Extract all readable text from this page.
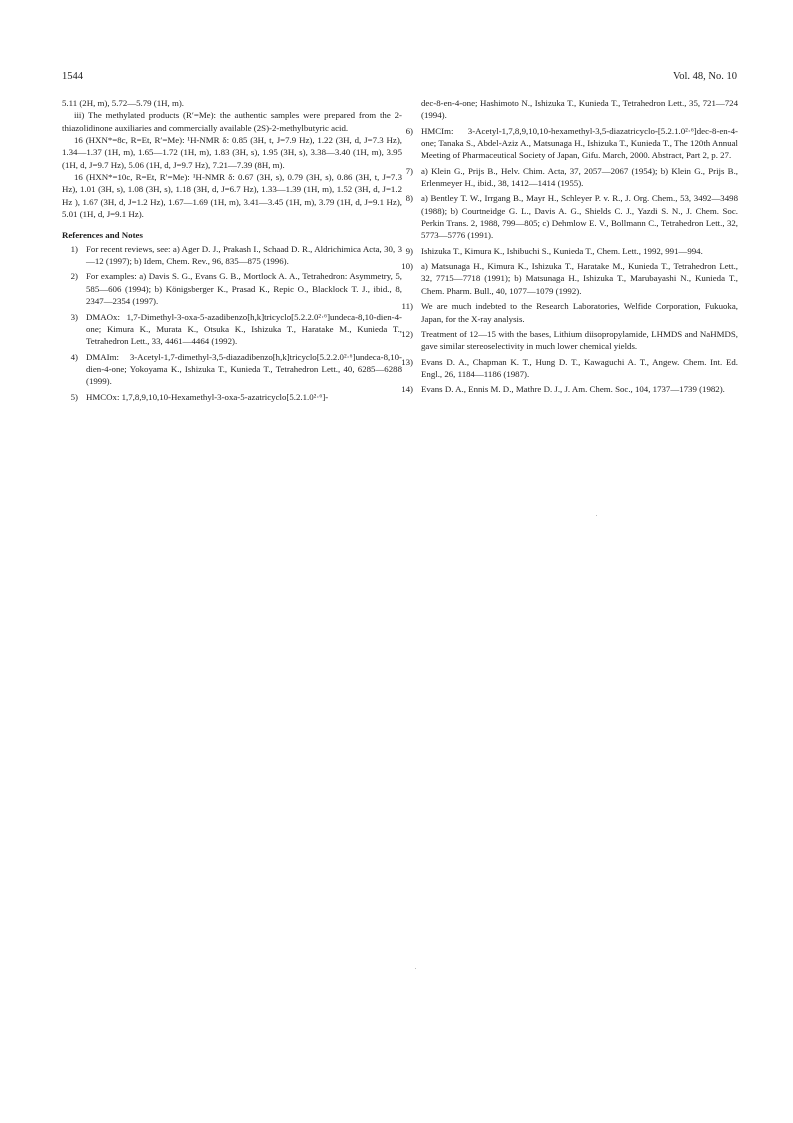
1544	Vol. 48, No. 10

5.11 (2H, m), 5.72—5.79 (1H, m).

iii) The methylated products (R′=Me): the authentic samples were prepared from the 2-thiazolidinone auxiliaries and commercially available (2S)-2-methylbutyric acid.

16 (HXN*=8c, R=Et, R′=Me): ¹H-NMR δ: 0.85 (3H, t, J=7.9 Hz), 1.22 (3H, d, J=7.3 Hz), 1.34—1.37 (1H, m), 1.65—1.72 (1H, m), 1.83 (3H, s), 1.95 (3H, s), 3.38—3.40 (1H, m), 3.95 (1H, d, J=9.7 Hz), 5.06 (1H, d, J=9.7 Hz), 7.21—7.39 (8H, m).

16 (HXN*=10c, R=Et, R′=Me): ¹H-NMR δ: 0.67 (3H, s), 0.79 (3H, s), 0.86 (3H, t, J=7.3 Hz), 1.01 (3H, s), 1.08 (3H, s), 1.18 (3H, d, J=6.7 Hz), 1.33—1.39 (1H, m), 1.52 (3H, d, J=1.2 Hz ), 1.67 (3H, d, J=1.2 Hz), 1.67—1.69 (1H, m), 3.41—3.45 (1H, m), 3.79 (1H, d, J=9.1 Hz), 5.01 (1H, d, J=9.1 Hz).

References and Notes

1) For recent reviews, see: a) Ager D. J., Prakash I., Schaad D. R., Aldrichimica Acta, 30, 3—12 (1997); b) Idem, Chem. Rev., 96, 835—875 (1996).
2) For examples: a) Davis S. G., Evans G. B., Mortlock A. A., Tetrahedron: Asymmetry, 5, 585—606 (1994); b) Königsberger K., Prasad K., Repic O., Blacklock T. J., ibid., 8, 2347—2354 (1997).
3) DMAOx: 1,7-Dimethyl-3-oxa-5-azadibenzo[h,k]tricyclo[5.2.2.0²·⁶]undeca-8,10-dien-4-one; Kimura K., Murata K., Otsuka K., Ishizuka T., Haratake M., Kunieda T., Tetrahedron Lett., 33, 4461—4464 (1992).
4) DMAIm: 3-Acetyl-1,7-dimethyl-3,5-diazadibenzo[h,k]tricyclo[5.2.2.0²·⁶]undeca-8,10-dien-4-one; Yokoyama K., Ishizuka T., Kunieda T., Tetrahedron Lett., 40, 6285—6288 (1999).
5) HMCOx: 1,7,8,9,10,10-Hexamethyl-3-oxa-5-azatricyclo[5.2.1.0²·⁶]-

dec-8-en-4-one; Hashimoto N., Ishizuka T., Kunieda T., Tetrahedron Lett., 35, 721—724 (1994).

6) HMCIm: 3-Acetyl-1,7,8,9,10,10-hexamethyl-3,5-diazatricyclo-[5.2.1.0²·⁶]dec-8-en-4-one; Tanaka S., Abdel-Aziz A., Matsunaga H., Ishizuka T., Kunieda T., The 120th Annual Meeting of Pharmaceutical Society of Japan, Gifu. March, 2000. Abstract, Part 2, p. 27.
7) a) Klein G., Prijs B., Helv. Chim. Acta, 37, 2057—2067 (1954); b) Klein G., Prijs B., Erlenmeyer H., ibid., 38, 1412—1414 (1955).
8) a) Bentley T. W., Irrgang B., Mayr H., Schleyer P. v. R., J. Org. Chem., 53, 3492—3498 (1988); b) Courtneidge G. L., Davis A. G., Shields C. J., Yazdi S. N., J. Chem. Soc. Perkin Trans. 2, 1988, 799—805; c) Dehmlow E. V., Bollmann C., Tetrahedron Lett., 32, 5773—5776 (1991).
9) Ishizuka T., Kimura K., Ishibuchi S., Kunieda T., Chem. Lett., 1992, 991—994.
10) a) Matsunaga H., Kimura K., Ishizuka T., Haratake M., Kunieda T., Tetrahedron Lett., 32, 7715—7718 (1991); b) Matsunaga H., Ishizuka T., Marubayashi N., Kunieda T., Chem. Pharm. Bull., 40, 1077—1079 (1992).
11) We are much indebted to the Research Laboratories, Welfide Corporation, Fukuoka, Japan, for the X-ray analysis.
12) Treatment of 12—15 with the bases, Lithium diisopropylamide, LHMDS and NaHMDS, gave similar stereoselectivity in much lower chemical yields.
13) Evans D. A., Chapman K. T., Hung D. T., Kawaguchi A. T., Angew. Chem. Int. Ed. Engl., 26, 1184—1186 (1987).
14) Evans D. A., Ennis M. D., Mathre D. J., J. Am. Chem. Soc., 104, 1737—1739 (1982).
